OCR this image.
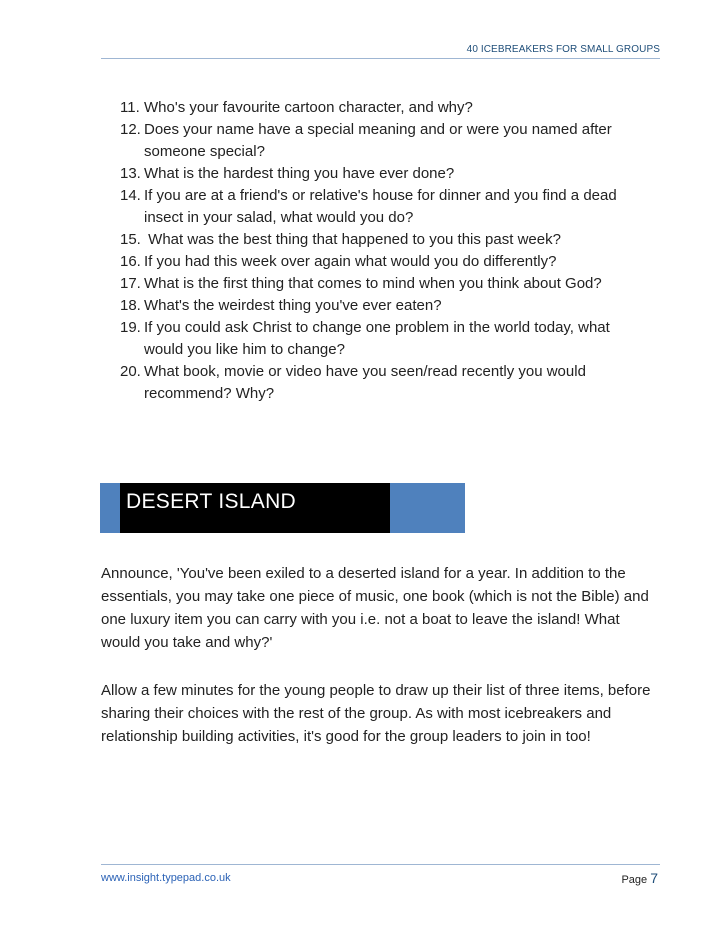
40 ICEBREAKERS FOR SMALL GROUPS
11. Who's your favourite cartoon character, and why?
12. Does your name have a special meaning and or were you named after someone special?
13. What is the hardest thing you have ever done?
14. If you are at a friend's or relative's house for dinner and you find a dead insect in your salad, what would you do?
15. What was the best thing that happened to you this past week?
16. If you had this week over again what would you do differently?
17. What is the first thing that comes to mind when you think about God?
18. What's the weirdest thing you've ever eaten?
19. If you could ask Christ to change one problem in the world today, what would you like him to change?
20. What book, movie or video have you seen/read recently you would recommend? Why?
DESERT ISLAND

Announce, 'You've been exiled to a deserted island for a year. In addition to the essentials, you may take one piece of music, one book (which is not the Bible) and one luxury item you can carry with you i.e. not a boat to leave the island! What would you take and why?'

Allow a few minutes for the young people to draw up their list of three items, before sharing their choices with the rest of the group. As with most icebreakers and relationship building activities, it's good for the group leaders to join in too!

www.insight.typepad.co.uk	Page 7
